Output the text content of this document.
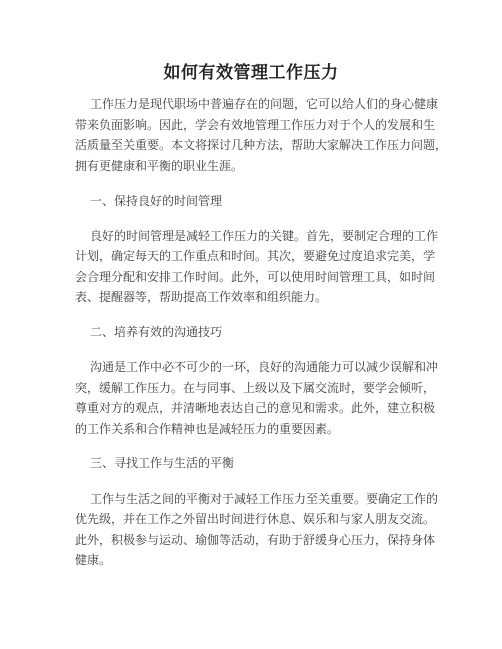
如何有效管理工作压力
工作压力是现代职场中普遍存在的问题，它可以给人们的身心健康
带来负面影响。因此，学会有效地管理工作压力对于个人的发展和生
活质量至关重要。本文将探讨几种方法，帮助大家解决工作压力问题，
拥有更健康和平衡的职业生涯。
一、保持良好的时间管理
良好的时间管理是减轻工作压力的关键。首先，要制定合理的工作
计划，确定每天的工作重点和时间。其次，要避免过度追求完美，学
会合理分配和安排工作时间。此外，可以使用时间管理工具，如时间
表、提醒器等，帮助提高工作效率和组织能力。
二、培养有效的沟通技巧
沟通是工作中必不可少的一环，良好的沟通能力可以减少误解和冲
突，缓解工作压力。在与同事、上级以及下属交流时，要学会倾听，
尊重对方的观点，并清晰地表达自己的意见和需求。此外，建立积极
的工作关系和合作精神也是减轻压力的重要因素。
三、寻找工作与生活的平衡
工作与生活之间的平衡对于减轻工作压力至关重要。要确定工作的
优先级，并在工作之外留出时间进行休息、娱乐和与家人朋友交流。
此外，积极参与运动、瑜伽等活动，有助于舒缓身心压力，保持身体
健康。
